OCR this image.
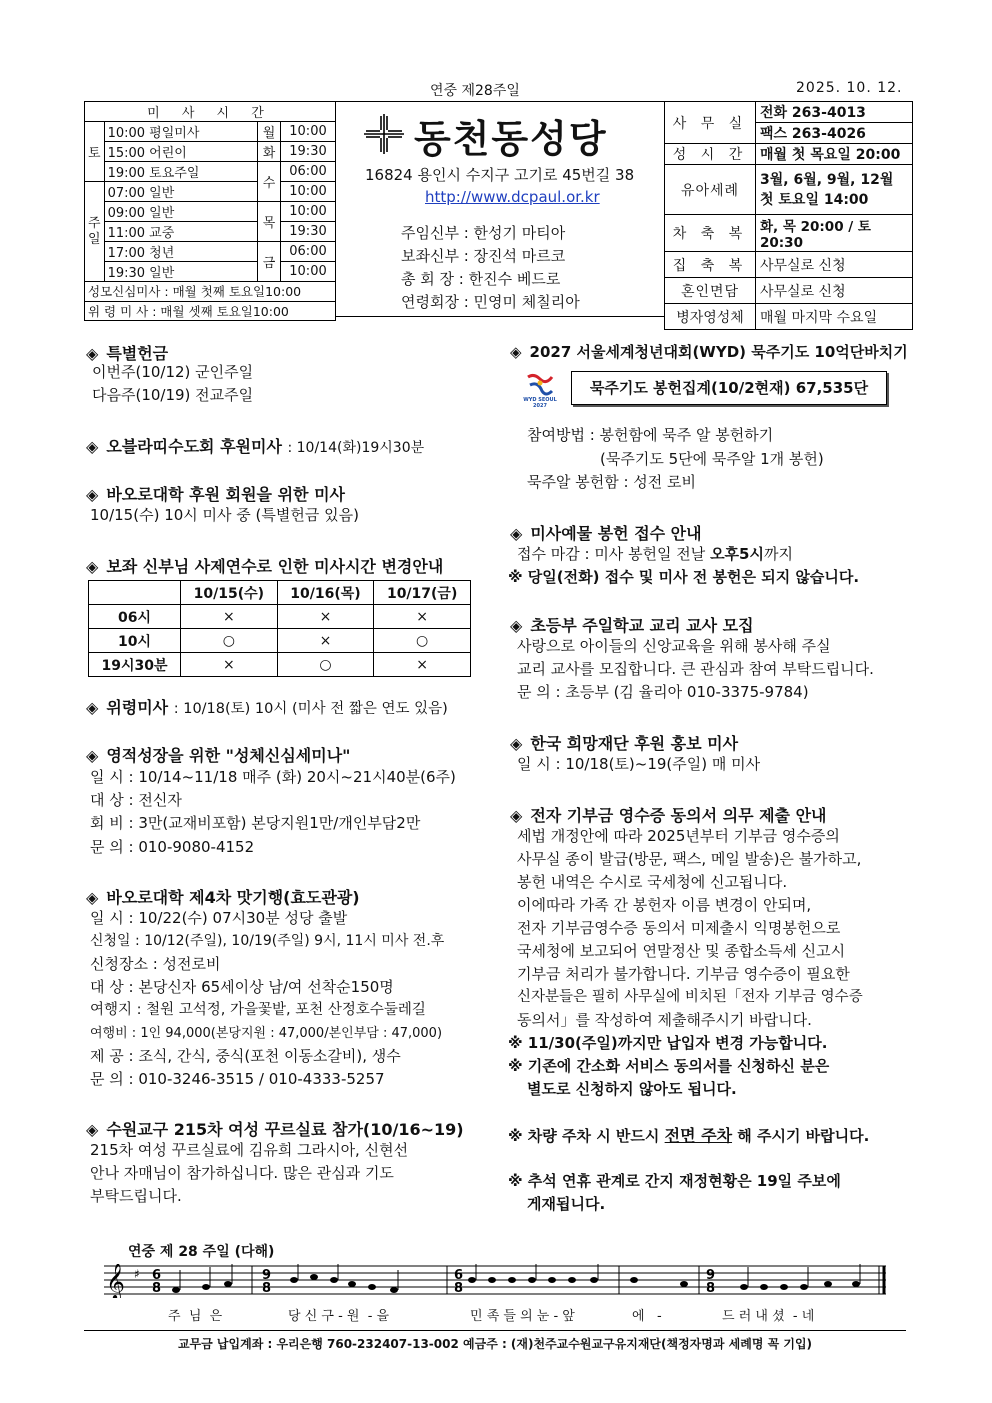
연중 제28주일	2025. 10. 12.
미 사 시 간			
토	10:00 평일미사	월	10:00
	15:00 어린이	화	19:30
	19:00 토요주일	수	06:00
주일	07:00 일반		10:00
	09:00 일반	목	10:00
	11:00 교중		19:30
	17:00 청년	금	06:00
	19:30 일반		10:00
성모신심미사 : 매월 첫째 토요일10:00			
위 령 미 사 : 매월 셋째 토요일10:00			
동천동성당
16824 용인시 수지구 고기로 45번길 38
http://www.dcpaul.or.kr
주임신부 : 한성기 마티아
보좌신부 : 장진석 마르코
총 회 장 : 한진수 베드로
연령회장 : 민영미 체칠리아
사 무 실	전화 263-4013
	팩스 263-4026
성 시 간	매월 첫 목요일 20:00
유아세례	3월, 6월, 9월, 12월
첫 토요일 14:00

차 축 복	화, 목 20:00 / 토 20:30
집 축 복	사무실로 신청
혼인면담	사무실로 신청
병자영성체	매월 마지막 수요일
◈ 특별헌금
이번주(10/12) 군인주일
다음주(10/19) 전교주일
◈ 오블라띠수도회 후원미사 : 10/14(화)19시30분
◈ 바오로대학 후원 회원을 위한 미사
10/15(수) 10시 미사 중 (특별헌금 있음)
◈ 보좌 신부님 사제연수로 인한 미사시간 변경안내
	10/15(수)	10/16(목)	10/17(금)
06시	×	×	×
10시	○	×	○
19시30분	×	○	×
◈ 위령미사 : 10/18(토) 10시 (미사 전 짧은 연도 있음)
◈ 영적성장을 위한 "성체신심세미나"
일 시 : 10/14~11/18 매주 (화) 20시~21시40분(6주)
대 상 : 전신자
회 비 : 3만(교재비포함) 본당지원1만/개인부담2만
문 의 : 010-9080-4152
◈ 바오로대학 제4차 맛기행(효도관광)
일 시 : 10/22(수) 07시30분 성당 출발
신청일 : 10/12(주일), 10/19(주일) 9시, 11시 미사 전.후
신청장소 : 성전로비
대 상 : 본당신자 65세이상 남/여 선착순150명
여행지 : 철원 고석정, 가을꽃밭, 포천 산정호수둘레길
여행비 : 1인 94,000(본당지원 : 47,000/본인부담 : 47,000)
제 공 : 조식, 간식, 중식(포천 이동소갈비), 생수
문 의 : 010-3246-3515 / 010-4333-5257
◈ 수원교구 215차 여성 꾸르실료 참가(10/16~19)
215차 여성 꾸르실료에 김유희 그라시아, 신현선
안나 자매님이 참가하십니다. 많은 관심과 기도
부탁드립니다.
◈ 2027 서울세계청년대회(WYD) 묵주기도 10억단바치기
WYD SEOUL 2027
묵주기도 봉헌집계(10/2현재) 67,535단
참여방법 : 봉헌함에 묵주 알 봉헌하기
(묵주기도 5단에 묵주알 1개 봉헌)
묵주알 봉헌함 : 성전 로비
◈ 미사예물 봉헌 접수 안내
접수 마감 : 미사 봉헌일 전날 오후5시까지
※ 당일(전화) 접수 및 미사 전 봉헌은 되지 않습니다.
◈ 초등부 주일학교 교리 교사 모집
사랑으로 아이들의 신앙교육을 위해 봉사해 주실
교리 교사를 모집합니다. 큰 관심과 참여 부탁드립니다.
문 의 : 초등부 (김 율리아 010-3375-9784)
◈ 한국 희망재단 후원 홍보 미사
일 시 : 10/18(토)~19(주일) 매 미사
◈ 전자 기부금 영수증 동의서 의무 제출 안내
세법 개정안에 따라 2025년부터 기부금 영수증의
사무실 종이 발급(방문, 팩스, 메일 발송)은 불가하고,
봉헌 내역은 수시로 국세청에 신고됩니다.
이에따라 가족 간 봉헌자 이름 변경이 안되며,
전자 기부금영수증 동의서 미제출시 익명봉헌으로
국세청에 보고되어 연말정산 및 종합소득세 신고시
기부금 처리가 불가합니다. 기부금 영수증이 필요한
신자분들은 필히 사무실에 비치된「전자 기부금 영수증
동의서」를 작성하여 제출해주시기 바랍니다.
※ 11/30(주일)까지만 납입자 변경 가능합니다.
※ 기존에 간소화 서비스 동의서를 신청하신 분은
별도로 신청하지 않아도 됩니다.
※ 차량 주차 시 반드시 전면 주차 해 주시기 바랍니다.
※ 추석 연휴 관계로 간지 재정현황은 19일 주보에
게재됩니다.
연중 제 28 주일 (다해)
𝄞 ♯ 6
8
9
8
6
8
9
8
주  님  은	당 신 구 - 원  - 을	민 족 들 의 눈 - 앞	에   -	드 러 내 셨  - 네
교무금 납입계좌 : 우리은행 760-232407-13-002 예금주 : (재)천주교수원교구유지재단(책정자명과 세례명 꼭 기입)
